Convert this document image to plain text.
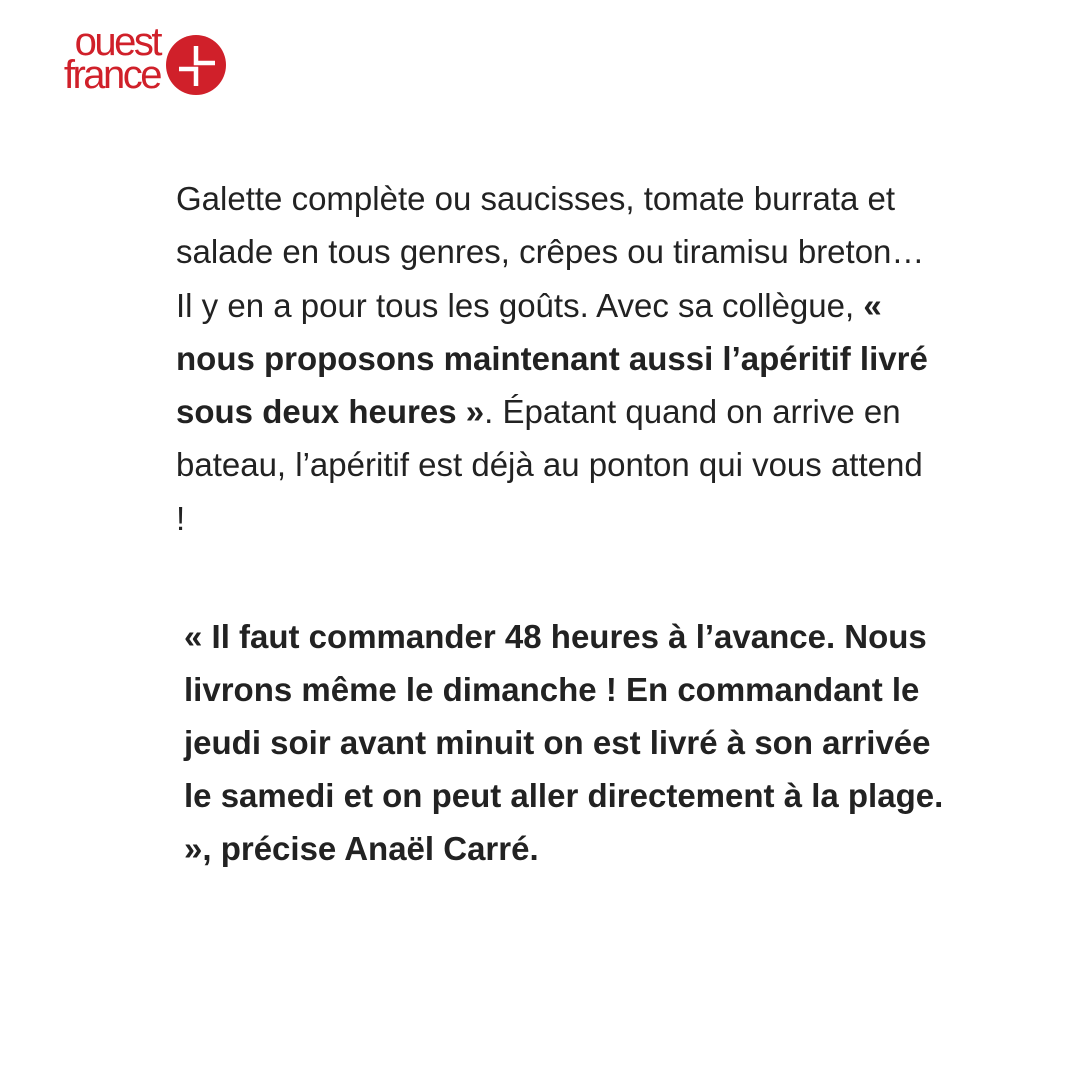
ouest
france

Galette complète ou saucisses, tomate burrata et salade en tous genres, crêpes ou tiramisu breton… Il y en a pour tous les goûts. Avec sa collègue, « nous proposons maintenant aussi l’apéritif livré sous deux heures ». Épatant quand on arrive en bateau, l’apéritif est déjà au ponton qui vous attend !

« Il faut commander 48 heures à l’avance. Nous livrons même le dimanche ! En commandant le jeudi soir avant minuit on est livré à son arrivée le samedi et on peut aller directement à la plage. », précise Anaël Carré.
